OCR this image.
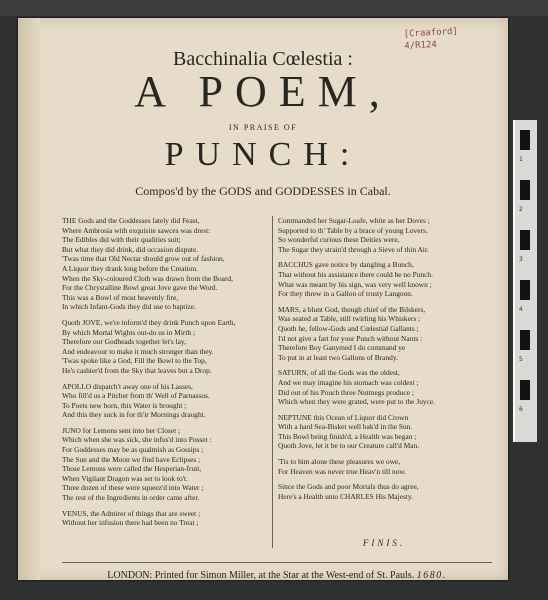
1
2
3
4
5
6
[Craaford]
4/R124
Bacchinalia Cœlestia :
A POEM,
IN PRAISE OF
PUNCH:
Compos'd by the GODS and GODDESSES in Cabal.
THE Gods and the Goddesses lately did Feast,
Where Ambrosia with exquisite sawces was drest:
The Edibles did with their qualities suit;
But what they did drink, did occasion dispute.
'Twas time that Old Nectar should grow out of fashion,
A Liquor they drank long before the Creation.
When the Sky-coloured Cloth was drawn from the Board,
For the Chrystalline Bowl great Jove gave the Word.
This was a Bowl of most heavenly fire,
In which Infant-Gods they did use to baptize.
Quoth JOVE, we're inform'd they drink Punch upon Earth,
By which Mortal Wights out-do us in Mirth ;
Therefore our Godheads together let's lay,
And endeavour to make it much stronger than they.
'Twas spoke like a God, Fill the Bowl to the Top,
He's cashier'd from the Sky that leaves but a Drop.
APOLLO dispatch't away one of his Lasses,
Who fill'd us a Pitcher from th' Well of Parnassus.
To Poets new born, this Water is brought ;
And this they suck in for th'ir Mornings draught.
JUNO for Lemons sent into her Closet ;
Which when she was sick, she infus'd into Posset :
For Goddesses may be as qualmish as Gossips ;
The Sun and the Moon we find have Eclipses ;
Those Lemons were called the Hesperian-fruit,
When Vigilant Dragon was set to look to't.
Three dozen of these were squeez'd into Water ;
The rest of the Ingredients in order came after.
VENUS, the Admirer of things that are sweet ;
Without her infusion there had been no Treat ;
Commanded her Sugar-Loafe, white as her Doves ;
Supported to th' Table by a brace of young Lovers.
So wonderful curious these Deities were,
The Sugar they strain'd through a Sieve of thin Air.
BACCHUS gave notice by dangling a Bunch,
That without his assistance there could be no Punch.
What was meant by his sign, was very well known ;
For they threw in a Gallon of trusty Langoon.
MARS, a blunt God, though chief of the Bilskers,
Was seated at Table, still twirling his Whiskers ;
Quoth he, fellow-Gods and Cœlestial Gallants ;
I'd not give a fart for your Punch without Nants :
Therefore Boy Ganymed I do command ye
To put in at least two Gallons of Brandy.
SATURN, of all the Gods was the oldest,
And we may imagine his stomach was coldest ;
Did out of his Pouch three Nutmegs produce ;
Which when they were grated, were put to the Juyce.
NEPTUNE this Ocean of Liquor did Crown
With a hard Sea-Bisket well bak'd in the Sun.
This Bowl being finish'd, a Health was began ;
Quoth Jove, let it be to our Creature call'd Man.
'Tis to him alone these pleasures we owe,
For Heaven was never true Heav'n till now.
Since the Gods and poor Mortals thus do agree,
Here's a Health unto CHARLES His Majesty.
FINIS.
LONDON: Printed for Simon Miller, at the Star at the West-end of St. Pauls. 1680.
